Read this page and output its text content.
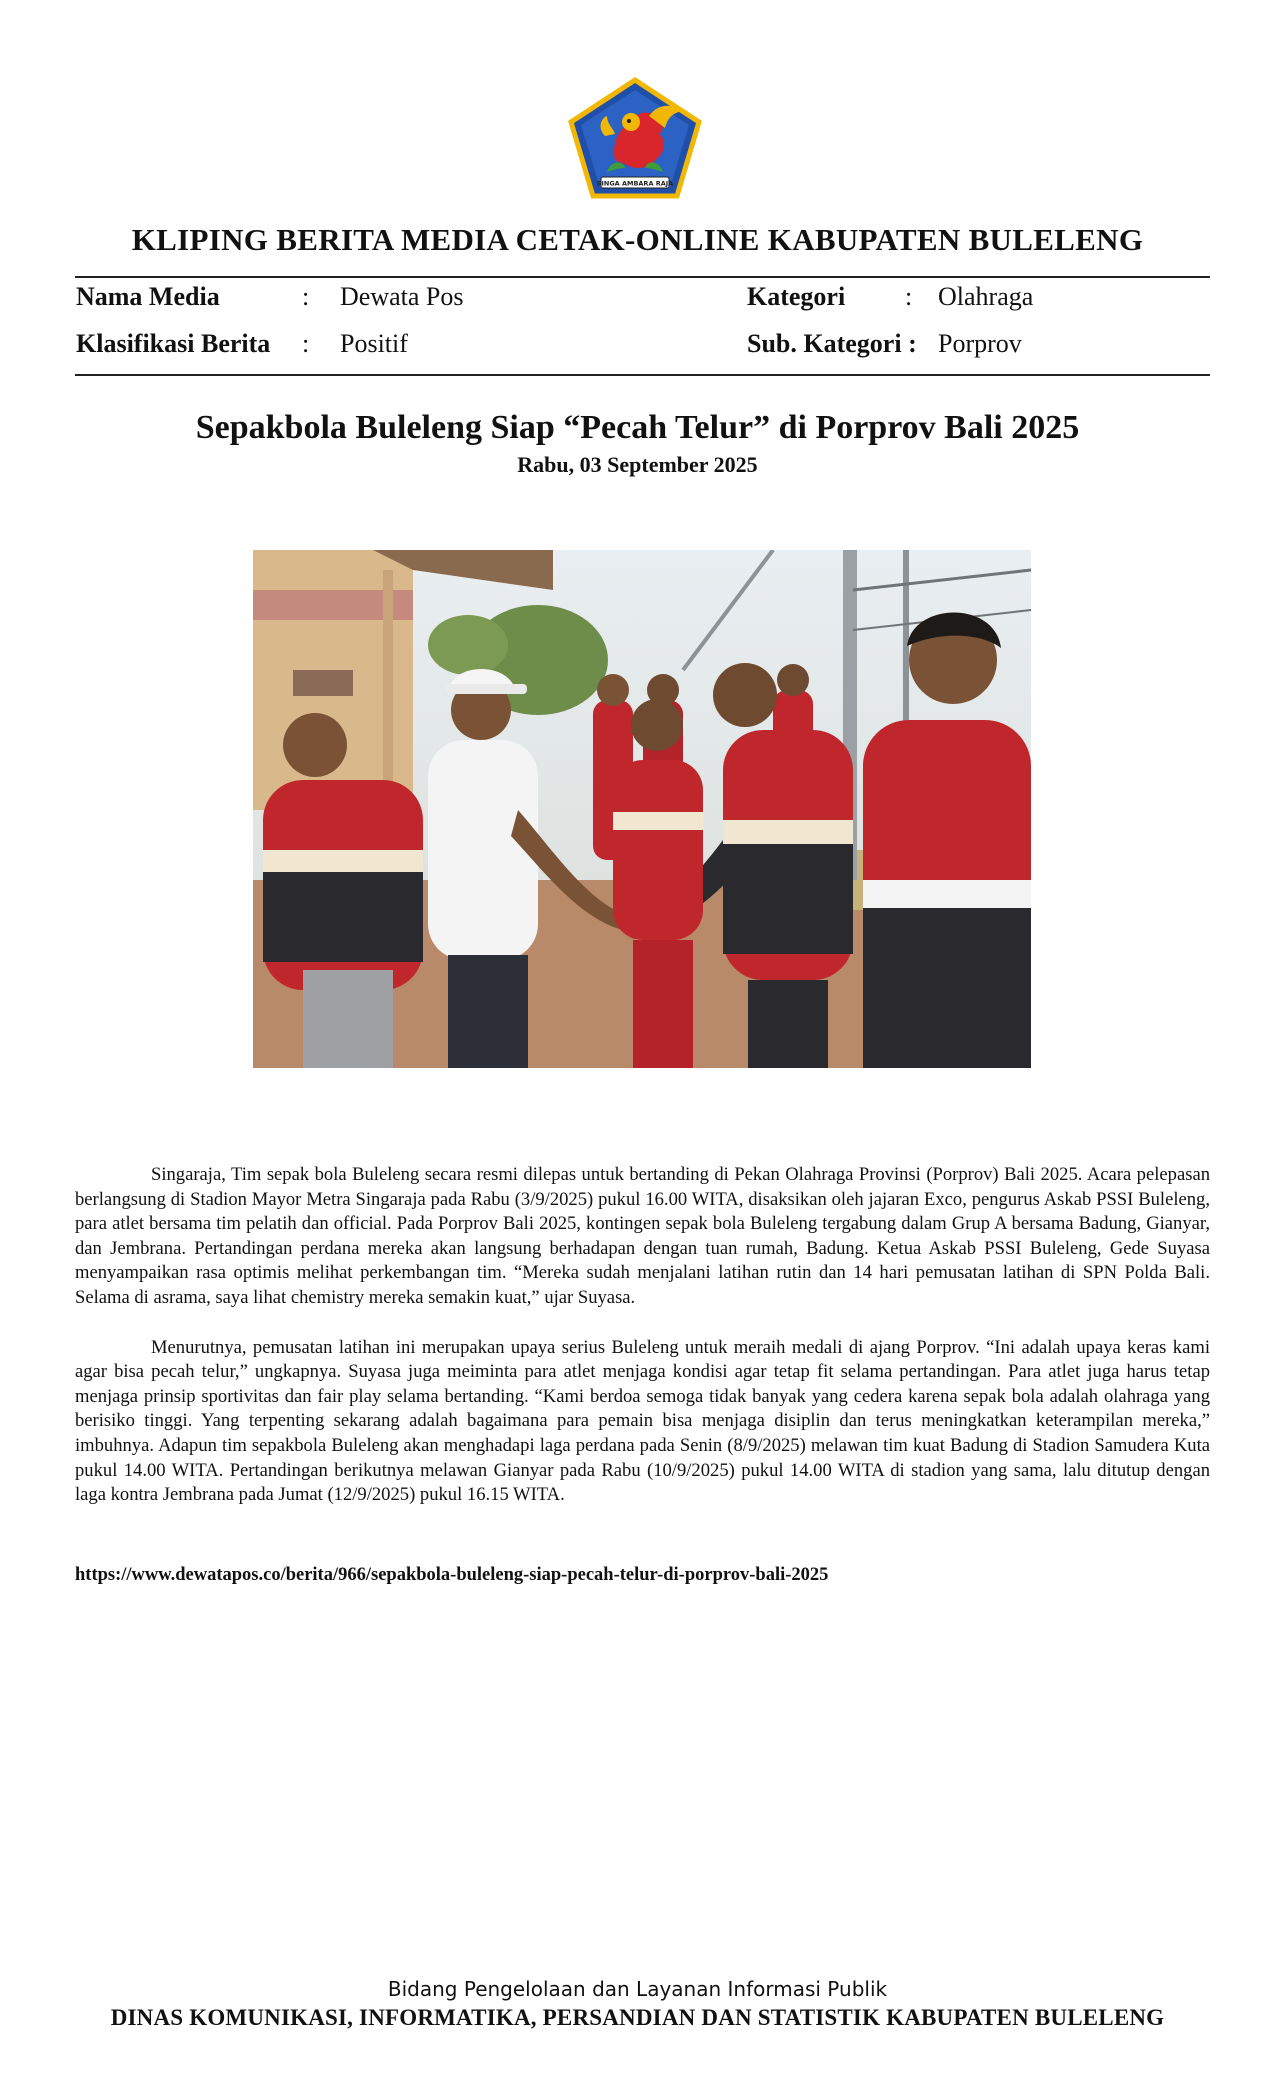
SINGA AMBARA RAJA
KLIPING BERITA MEDIA CETAK-ONLINE KABUPATEN BULELENG
Nama Media	: Dewata Pos	Kategori : Olahraga
Klasifikasi Berita : Positif	Sub. Kategori : Porprov
Sepakbola Buleleng Siap “Pecah Telur” di Porprov Bali 2025
Rabu, 03 September 2025

Singaraja, Tim sepak bola Buleleng secara resmi dilepas untuk bertanding di Pekan Olahraga Provinsi (Porprov) Bali 2025. Acara pelepasan berlangsung di Stadion Mayor Metra Singaraja pada Rabu (3/9/2025) pukul 16.00 WITA, disaksikan oleh jajaran Exco, pengurus Askab PSSI Buleleng, para atlet bersama tim pelatih dan official. Pada Porprov Bali 2025, kontingen sepak bola Buleleng tergabung dalam Grup A bersama Badung, Gianyar, dan Jembrana. Pertandingan perdana mereka akan langsung berhadapan dengan tuan rumah, Badung. Ketua Askab PSSI Buleleng, Gede Suyasa menyampaikan rasa optimis melihat perkembangan tim. “Mereka sudah menjalani latihan rutin dan 14 hari pemusatan latihan di SPN Polda Bali. Selama di asrama, saya lihat chemistry mereka semakin kuat,” ujar Suyasa.

Menurutnya, pemusatan latihan ini merupakan upaya serius Buleleng untuk meraih medali di ajang Porprov. “Ini adalah upaya keras kami agar bisa pecah telur,” ungkapnya. Suyasa juga meiminta para atlet menjaga kondisi agar tetap fit selama pertandingan. Para atlet juga harus tetap menjaga prinsip sportivitas dan fair play selama bertanding. “Kami berdoa semoga tidak banyak yang cedera karena sepak bola adalah olahraga yang berisiko tinggi. Yang terpenting sekarang adalah bagaimana para pemain bisa menjaga disiplin dan terus meningkatkan keterampilan mereka,” imbuhnya. Adapun tim sepakbola Buleleng akan menghadapi laga perdana pada Senin (8/9/2025) melawan tim kuat Badung di Stadion Samudera Kuta pukul 14.00 WITA. Pertandingan berikutnya melawan Gianyar pada Rabu (10/9/2025) pukul 14.00 WITA di stadion yang sama, lalu ditutup dengan laga kontra Jembrana pada Jumat (12/9/2025) pukul 16.15 WITA.

https://www.dewatapos.co/berita/966/sepakbola-buleleng-siap-pecah-telur-di-porprov-bali-2025
Bidang Pengelolaan dan Layanan Informasi Publik
DINAS KOMUNIKASI, INFORMATIKA, PERSANDIAN DAN STATISTIK KABUPATEN BULELENG
